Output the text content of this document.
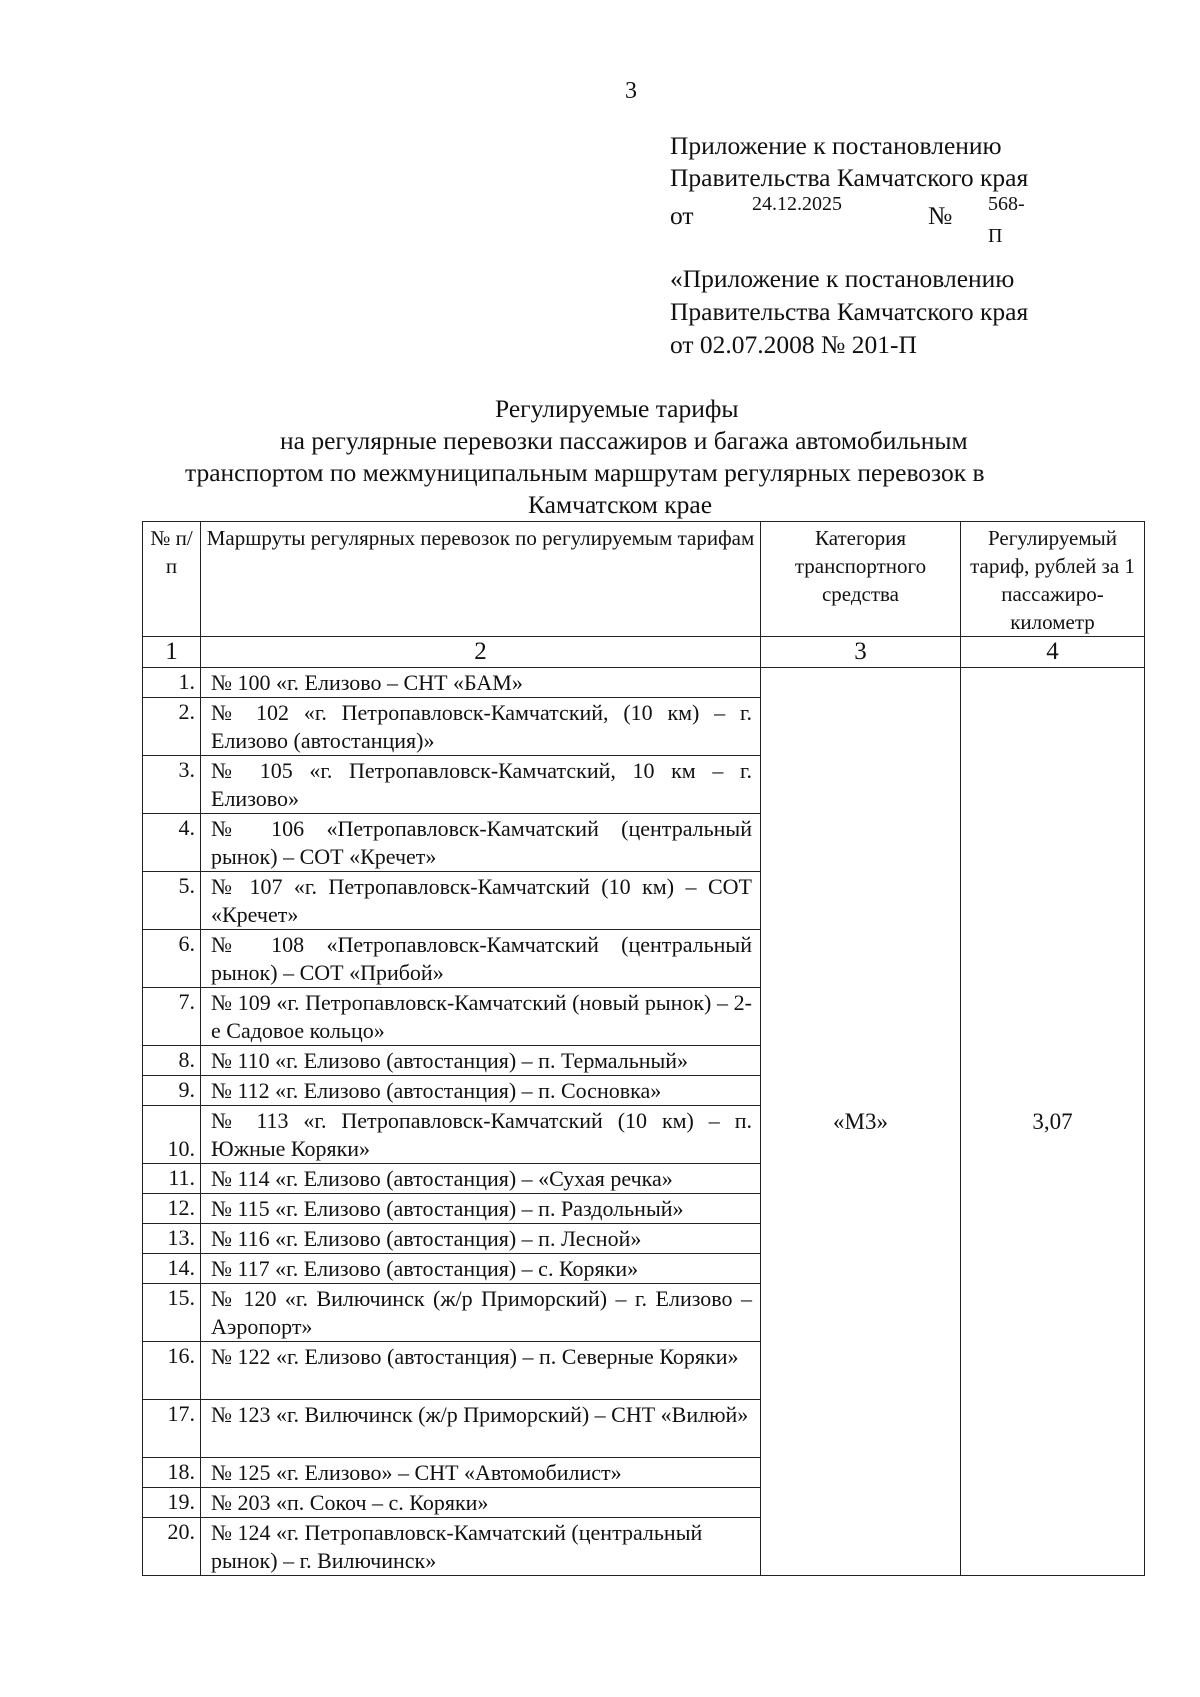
3
Приложение к постановлению
Правительства Камчатского края
от	24.12.2025	№ 568-П
«Приложение к постановлению
Правительства Камчатского края
от 02.07.2008 № 201-П
Регулируемые тарифы
на регулярные перевозки пассажиров и багажа автомобильным
транспортом по межмуниципальным маршрутам регулярных перевозок в
Камчатском крае
№ п/п	Маршруты регулярных перевозок по регулируемым тарифам	Категория транспортного средства	Регулируемый тариф, рублей за 1 пассажиро-километр
1	2	3	4
1.	№ 100 «г. Елизово – СНТ «БАМ»	«М3»	3,07
2.	№ 102 «г. Петропавловск-Камчатский, (10 км) – г. Елизово (автостанция)»		
3.	№ 105 «г. Петропавловск-Камчатский, 10 км – г. Елизово»		
4.	№ 106 «Петропавловск-Камчатский (центральный рынок) – СОТ «Кречет»		
5.	№ 107 «г. Петропавловск-Камчатский (10 км) – СОТ «Кречет»		
6.	№ 108 «Петропавловск-Камчатский (центральный рынок) – СОТ «Прибой»		
7.	№ 109 «г. Петропавловск-Камчатский (новый рынок) – 2-е Садовое кольцо»		
8.	№ 110 «г. Елизово (автостанция) – п. Термальный»		
9.	№ 112 «г. Елизово (автостанция) – п. Сосновка»		
10.	№ 113 «г. Петропавловск-Камчатский (10 км) – п. Южные Коряки»		
11.	№ 114 «г. Елизово (автостанция) – «Сухая речка»		
12.	№ 115 «г. Елизово (автостанция) – п. Раздольный»		
13.	№ 116 «г. Елизово (автостанция) – п. Лесной»		
14.	№ 117 «г. Елизово (автостанция) – с. Коряки»		
15.	№ 120 «г. Вилючинск (ж/р Приморский) – г. Елизово – Аэропорт»		
16.	№ 122 «г. Елизово (автостанция) – п. Северные Коряки»		
17.	№ 123 «г. Вилючинск (ж/р Приморский) – СНТ «Вилюй»		
18.	№ 125 «г. Елизово» – СНТ «Автомобилист»		
19.	№ 203 «п. Сокоч – с. Коряки»		
20.	№ 124 «г. Петропавловск-Камчатский (центральный рынок) – г. Вилючинск»		
